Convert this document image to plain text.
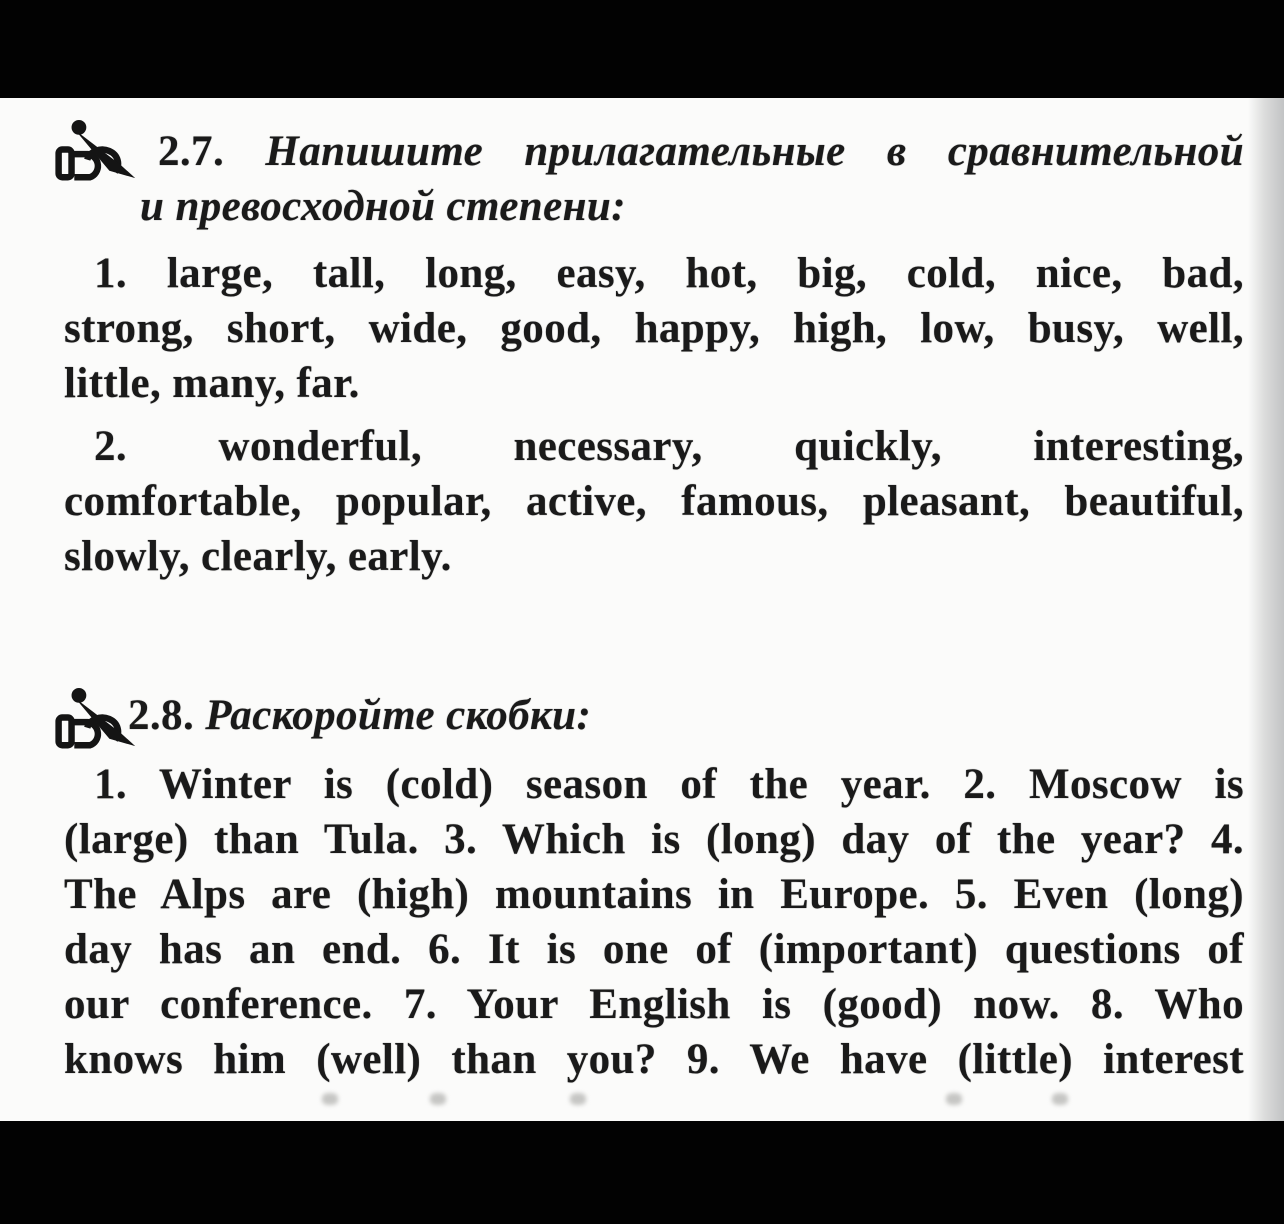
2.7. Напишите прилагательные в сравнительной
и превосходной степени:
1. large, tall, long, easy, hot, big, cold, nice, bad,
strong, short, wide, good, happy, high, low, busy, well,
little, many, far.
2. wonderful, necessary, quickly, interesting,
comfortable, popular, active, famous, pleasant, beautiful,
slowly, clearly, early.
2.8. Раскоройте скобки:
1. Winter is (cold) season of the year. 2. Moscow is
(large) than Tula. 3. Which is (long) day of the year? 4.
The Alps are (high) mountains in Europe. 5. Even (long)
day has an end. 6. It is one of (important) questions of
our conference. 7. Your English is (good) now. 8. Who
knows him (well) than you? 9. We have (little) interest
